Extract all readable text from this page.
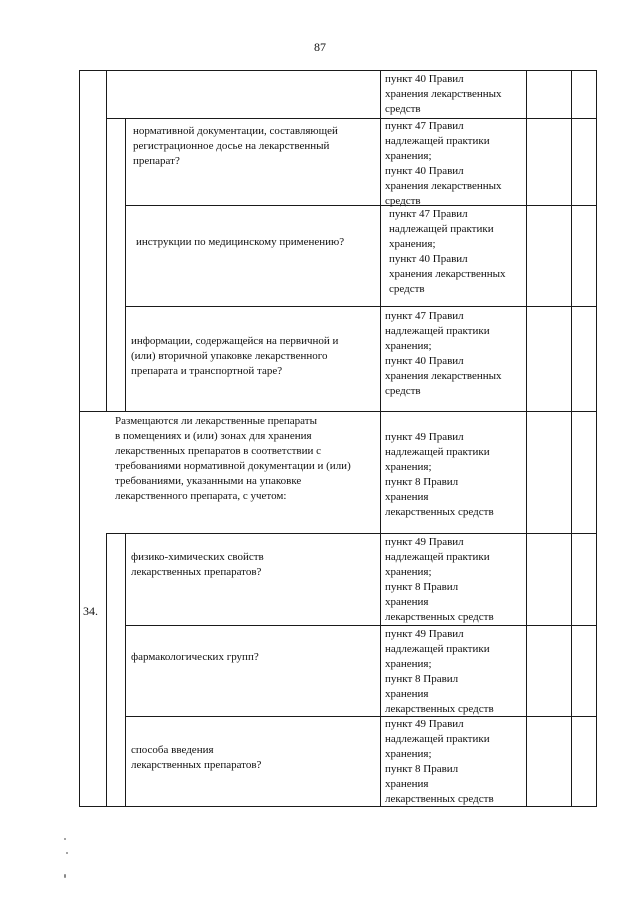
87
пункт 40 Правил
хранения лекарственных
средств
нормативной документации, составляющей
регистрационное досье на лекарственный
препарат?
пункт 47 Правил
надлежащей практики
хранения;
пункт 40 Правил
хранения лекарственных
средств
инструкции по медицинскому применению?
пункт 47 Правил
надлежащей практики
хранения;
пункт 40 Правил
хранения лекарственных
средств
информации, содержащейся на первичной и
(или) вторичной упаковке лекарственного
препарата и транспортной таре?
пункт 47 Правил
надлежащей практики
хранения;
пункт 40 Правил
хранения лекарственных
средств
Размещаются ли лекарственные препараты
в помещениях и (или) зонах для хранения
лекарственных препаратов в соответствии с
требованиями нормативной документации и (или)
требованиями, указанными на упаковке
лекарственного препарата, с учетом:
пункт 49 Правил
надлежащей практики
хранения;
пункт 8 Правил
хранения
лекарственных средств
34.
физико-химических свойств
лекарственных препаратов?
пункт 49 Правил
надлежащей практики
хранения;
пункт 8 Правил
хранения
лекарственных средств
фармакологических групп?
пункт 49 Правил
надлежащей практики
хранения;
пункт 8 Правил
хранения
лекарственных средств
способа введения
лекарственных препаратов?
пункт 49 Правил
надлежащей практики
хранения;
пункт 8 Правил
хранения
лекарственных средств
